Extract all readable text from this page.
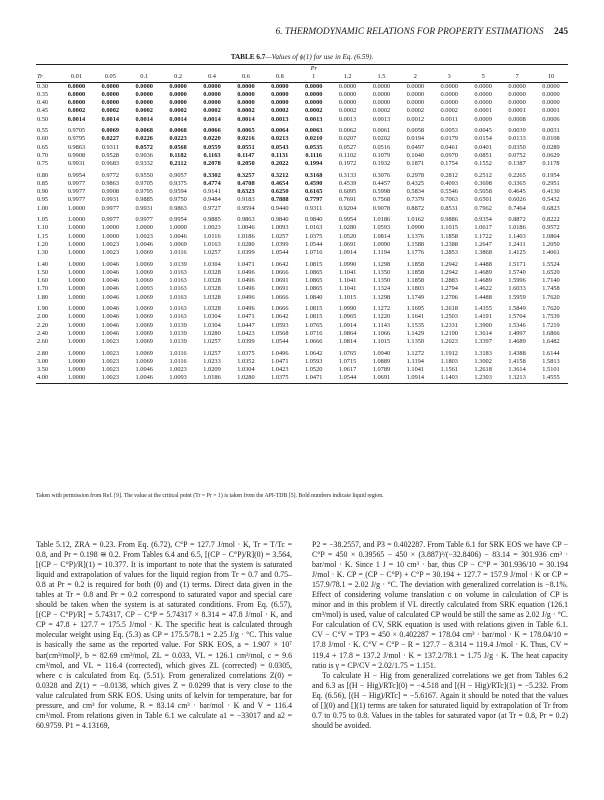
6. THERMODYNAMIC RELATIONS FOR PROPERTY ESTIMATIONS 245
TABLE 6.7—Values of ϕ(1) for use in Eq. (6.59).
	Pr														
Tr	0.01	0.05	0.1	0.2	0.4	0.6	0.8	1	1.2	1.5	2	3	5	7	10
0.30	0.0000	0.0000	0.0000	0.0000	0.0000	0.0000	0.0000	0.0000	0.0000	0.0000	0.0000	0.0000	0.0000	0.0000	0.0000
0.35	0.0000	0.0000	0.0000	0.0000	0.0000	0.0000	0.0000	0.0000	0.0000	0.0000	0.0000	0.0000	0.0000	0.0000	0.0000
0.40	0.0000	0.0000	0.0000	0.0000	0.0000	0.0000	0.0000	0.0000	0.0000	0.0000	0.0000	0.0000	0.0000	0.0000	0.0000
0.45	0.0002	0.0002	0.0002	0.0002	0.0002	0.0002	0.0002	0.0002	0.0002	0.0002	0.0002	0.0002	0.0001	0.0001	0.0001
0.50	0.0014	0.0014	0.0014	0.0014	0.0014	0.0014	0.0013	0.0013	0.0013	0.0013	0.0012	0.0011	0.0009	0.0008	0.0006
0.55	0.9705	0.0069	0.0068	0.0068	0.0066	0.0065	0.0064	0.0063	0.0062	0.0061	0.0058	0.0053	0.0045	0.0039	0.0031
0.60	0.9795	0.0227	0.0226	0.0223	0.0220	0.0216	0.0213	0.0210	0.0207	0.0202	0.0194	0.0179	0.0154	0.0133	0.0108
0.65	0.9863	0.9311	0.0572	0.0568	0.0559	0.0551	0.0543	0.0535	0.0527	0.0516	0.0497	0.0461	0.0401	0.0350	0.0289
0.70	0.9908	0.9528	0.9036	0.1182	0.1163	0.1147	0.1131	0.1116	0.1102	0.1079	0.1040	0.0970	0.0851	0.0752	0.0629
0.75	0.9931	0.9683	0.9332	0.2112	0.2078	0.2050	0.2022	0.1994	0.1972	0.1932	0.1871	0.1754	0.1552	0.1387	0.1178
0.80	0.9954	0.9772	0.9550	0.9057	0.3302	0.3257	0.3212	0.3168	0.3133	0.3076	0.2978	0.2812	0.2512	0.2265	0.1954
0.85	0.9977	0.9863	0.9705	0.9375	0.4774	0.4708	0.4654	0.4590	0.4539	0.4457	0.4325	0.4093	0.3698	0.3365	0.2951
0.90	0.9977	0.9908	0.9795	0.9594	0.9141	0.6323	0.6250	0.6165	0.6095	0.5998	0.5834	0.5546	0.5058	0.4645	0.4130
0.95	0.9977	0.9931	0.9885	0.9750	0.9484	0.9183	0.7888	0.7797	0.7691	0.7568	0.7379	0.7063	0.6501	0.6026	0.5432
1.00	1.0000	0.9977	0.9931	0.9863	0.9727	0.9594	0.9440	0.9311	0.9204	0.9078	0.8872	0.8531	0.7962	0.7464	0.6823
1.05	1.0000	0.9977	0.9977	0.9954	0.9885	0.9863	0.9840	0.9840	0.9954	1.0186	1.0162	0.9886	0.9354	0.8872	0.8222
1.10	1.0000	1.0000	1.0000	1.0000	1.0023	1.0046	1.0093	1.0163	1.0280	1.0593	1.0990	1.1015	1.0617	1.0186	0.9572
1.15	1.0000	1.0000	1.0023	1.0046	1.0116	1.0186	1.0257	1.0375	1.0520	1.0814	1.1376	1.1858	1.1722	1.1403	1.0864
1.20	1.0000	1.0023	1.0046	1.0069	1.0163	1.0280	1.0399	1.0544	1.0691	1.0990	1.1588	1.2388	1.2647	1.2411	1.2050
1.30	1.0000	1.0023	1.0069	1.0116	1.0257	1.0399	1.0544	1.0716	1.0914	1.1194	1.1776	1.2853	1.3868	1.4125	1.4061
1.40	1.0000	1.0046	1.0069	1.0139	1.0304	1.0471	1.0642	1.0815	1.0990	1.1298	1.1858	1.2942	1.4488	1.5171	1.5524
1.50	1.0000	1.0046	1.0069	1.0163	1.0328	1.0496	1.0666	1.0865	1.1041	1.1350	1.1858	1.2942	1.4689	1.5740	1.6520
1.60	1.0000	1.0046	1.0069	1.0163	1.0328	1.0496	1.0691	1.0865	1.1041	1.1350	1.1858	1.2883	1.4689	1.5996	1.7140
1.70	1.0000	1.0046	1.0093	1.0163	1.0328	1.0496	1.0691	1.0865	1.1041	1.1324	1.1803	1.2794	1.4622	1.6033	1.7458
1.80	1.0000	1.0046	1.0069	1.0163	1.0328	1.0496	1.0666	1.0840	1.1015	1.1298	1.1749	1.2706	1.4488	1.5959	1.7620
1.90	1.0000	1.0046	1.0069	1.0163	1.0328	1.0496	1.0666	1.0815	1.0990	1.1272	1.1695	1.2618	1.4355	1.5849	1.7620
2.00	1.0000	1.0046	1.0069	1.0163	1.0304	1.0471	1.0642	1.0815	1.0965	1.1220	1.1641	1.2503	1.4191	1.5704	1.7539
2.20	1.0000	1.0046	1.0069	1.0139	1.0304	1.0447	1.0593	1.0765	1.0914	1.1143	1.1535	1.2331	1.3900	1.5346	1.7219
2.40	1.0000	1.0046	1.0069	1.0139	1.0280	1.0423	1.0568	1.0716	1.0864	1.1066	1.1429	1.2190	1.3614	1.4997	1.6866
2.60	1.0000	1.0023	1.0069	1.0139	1.0257	1.0399	1.0544	1.0666	1.0814	1.1015	1.1350	1.2023	1.3397	1.4689	1.6482
2.80	1.0000	1.0023	1.0069	1.0116	1.0257	1.0375	1.0496	1.0642	1.0765	1.0940	1.1272	1.1912	1.3183	1.4388	1.6144
3.00	1.0000	1.0023	1.0069	1.0116	1.0233	1.0352	1.0471	1.0593	1.0715	1.0889	1.1194	1.1803	1.3002	1.4158	1.5813
3.50	1.0000	1.0023	1.0046	1.0023	1.0209	1.0304	1.0423	1.0520	1.0617	1.0789	1.1041	1.1561	1.2618	1.3614	1.5101
4.00	1.0000	1.0023	1.0046	1.0093	1.0186	1.0280	1.0375	1.0471	1.0544	1.0691	1.0914	1.1403	1.2303	1.3213	1.4555
Taken with permission from Ref. [9]. The value at the critical point (Tr = Pr = 1) is taken from the API-TDB [5]. Bold numbers indicate liquid region.

Table 5.12, ZRA = 0.23. From Eq. (6.72), C°P = 127.7 J/mol · K, Tr = T/Tc = 0.8, and Pr = 0.198 ≅ 0.2. From Tables 6.4 and 6.5, [(CP − C°P)/R](0) = 3.564, [(CP − C°P)/R](1) = 10.377. It is important to note that the system is saturated liquid and extrapolation of values for the liquid region from Tr = 0.7 and 0.75–0.8 at Pr = 0.2 is required for both (0) and (1) terms. Direct data given in the tables at Tr = 0.8 and Pr = 0.2 correspond to saturated vapor and special care should be taken when the system is at saturated conditions. From Eq. (6.57), [(CP − C°P)/R] = 5.74317, CP − C°P = 5.74317 × 8.314 = 47.8 J/mol · K, and CP = 47.8 + 127.7 = 175.5 J/mol · K. The specific heat is calculated through molecular weight using Eq. (5.3) as CP = 175.5/78.1 = 2.25 J/g · °C. This value is basically the same as the reported value. For SRK EOS, a = 1.907 × 10⁷ bar(cm³/mol)², b = 82.69 cm³/mol, ZL = 0.033, VL = 126.1 cm³/mol, c = 9.6 cm³/mol, and VL = 116.4 (corrected), which gives ZL (corrected) = 0.0305, where c is calculated from Eq. (5.51). From generalized correlations Z(0) = 0.0328 and Z(1) = −0.0138, which gives Z = 0.0299 that is very close to the value calculated from SRK EOS. Using units of kelvin for temperature, bar for pressure, and cm³ for volume, R = 83.14 cm³ · bar/mol · K and V = 116.4 cm³/mol. From relations given in Table 6.1 we calculate a1 = −33017 and a2 = 60.9759. P1 = 4.13169,

P2 = −38.2557, and P3 = 0.402287. From Table 6.1 for SRK EOS we have CP − C°P = 450 × 0.39565 − 450 × (3.887)²/(−32.8406) − 83.14 = 301.936 cm³ · bar/mol · K. Since 1 J = 10 cm³ · bar, thus CP − C°P = 301.936/10 = 30.194 J/mol · K. CP = (CP − C°P) + C°P = 30.194 + 127.7 = 157.9 J/mol · K or CP = 157.9/78.1 = 2.02 J/g · °C. The deviation with generalized correlation is −8.1%. Effect of considering volume translation c on volume in calculation of CP is minor and in this problem if VL directly calculated from SRK equation (126.1 cm³/mol) is used, value of calculated CP would be still the same as 2.02 J/g · °C. For calculation of CV, SRK equation is used with relations given in Table 6.1. CV − C°V = TP3 = 450 × 0.402287 = 178.04 cm³ · bar/mol · K = 178.04/10 = 17.8 J/mol · K. C°V = C°P − R = 127.7 − 8.314 = 119.4 J/mol · K. Thus, CV = 119.4 + 17.8 = 137.2 J/mol · K = 137.2/78.1 = 1.75 J/g · K. The heat capacity ratio is γ = CP/CV = 2.02/1.75 = 1.151.

To calculate H − Hig from generalized correlations we get from Tables 6.2 and 6.3 as [(H − Hig)/RTc](0) = −4.518 and [(H − Hig)/RTc](1) = −5.232. From Eq. (6.56), [(H − Hig)/RTc] = −5.6167. Again it should be noted that the values of [](0) and [](1) terms are taken for saturated liquid by extrapolation of Tr from 0.7 to 0.75 to 0.8. Values in the tables for saturated vapor (at Tr = 0.8, Pr = 0.2) should be avoided.
